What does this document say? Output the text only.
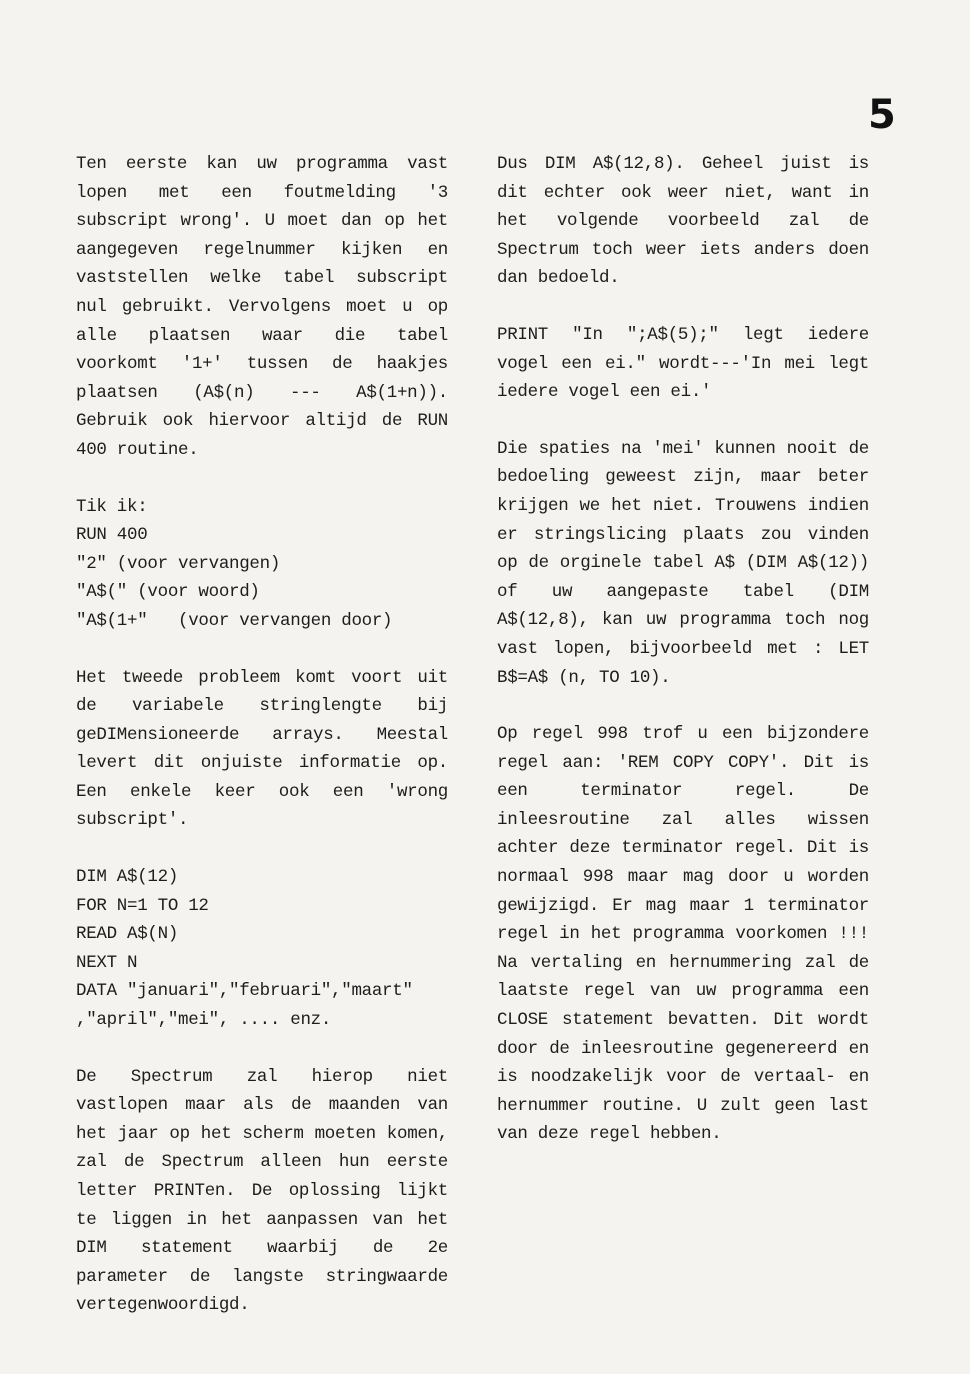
5

Ten eerste kan uw programma vast lopen met een foutmelding '3 subscript wrong'. U moet dan op het aangegeven regelnummer kijken en vaststellen welke tabel subscript nul gebruikt. Vervolgens moet u op alle plaatsen waar die tabel voorkomt '1+' tussen de haakjes plaatsen (A$(n) --- A$(1+n)). Gebruik ook hiervoor altijd de RUN 400 routine.

Tik ik:
RUN 400
"2" (voor vervangen)
"A$(" (voor woord)
"A$(1+"   (voor vervangen door)

Het tweede probleem komt voort uit de variabele stringlengte bij geDIMensioneerde arrays. Meestal levert dit onjuiste informatie op. Een enkele keer ook een 'wrong subscript'.

DIM A$(12)
FOR N=1 TO 12
READ A$(N)
NEXT N
DATA "januari","februari","maart"
,"april","mei", .... enz.

De Spectrum zal hierop niet vastlopen maar als de maanden van het jaar op het scherm moeten komen, zal de Spectrum alleen hun eerste letter PRINTen. De oplossing lijkt te liggen in het aanpassen van het DIM statement waarbij de 2e parameter de langste stringwaarde vertegenwoordigd.

Dus DIM A$(12,8). Geheel juist is dit echter ook weer niet, want in het volgende voorbeeld zal de Spectrum toch weer iets anders doen dan bedoeld.

PRINT "In ";A$(5);" legt iedere vogel een ei." wordt---'In mei legt iedere vogel een ei.'

Die spaties na 'mei' kunnen nooit de bedoeling geweest zijn, maar beter krijgen we het niet. Trouwens indien er stringslicing plaats zou vinden op de orginele tabel A$ (DIM A$(12)) of uw aangepaste tabel (DIM A$(12,8), kan uw programma toch nog vast lopen, bijvoorbeeld met : LET B$=A$ (n, TO 10).

Op regel 998 trof u een bijzondere regel aan: 'REM COPY COPY'. Dit is een terminator regel. De inleesroutine zal alles wissen achter deze terminator regel. Dit is normaal 998 maar mag door u worden gewijzigd. Er mag maar 1 terminator regel in het programma voorkomen !!! Na vertaling en hernummering zal de laatste regel van uw programma een CLOSE statement bevatten. Dit wordt door de inleesroutine gegenereerd en is noodzakelijk voor de vertaal- en hernummer routine. U zult geen last van deze regel hebben.
